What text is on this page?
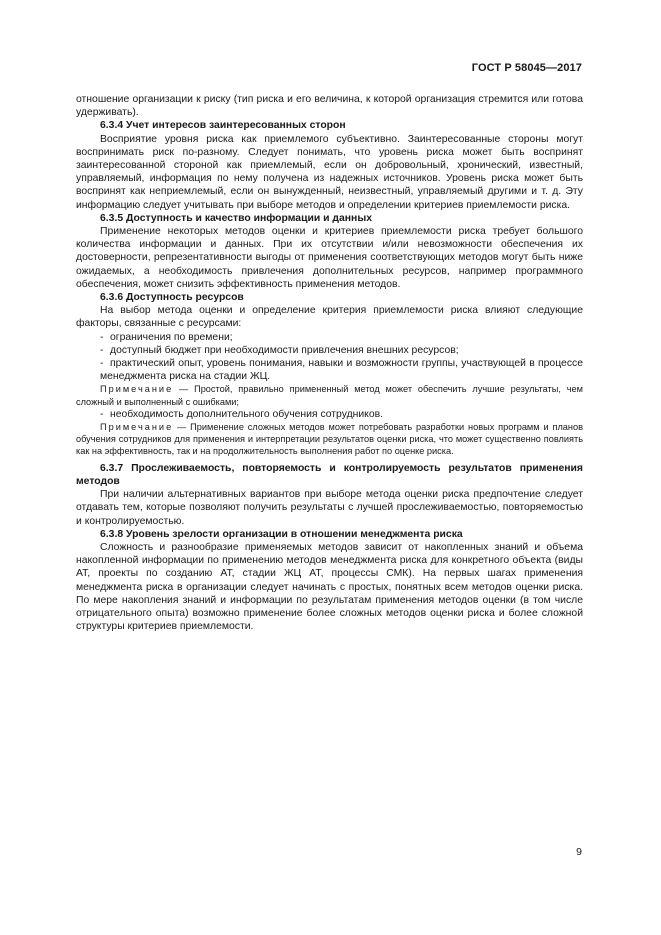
ГОСТ Р 58045—2017

отношение организации к риску (тип риска и его величина, к которой организация стремится или готова удерживать).

6.3.4 Учет интересов заинтересованных сторон

Восприятие уровня риска как приемлемого субъективно. Заинтересованные стороны могут воспринимать риск по-разному. Следует понимать, что уровень риска может быть воспринят заинтересованной стороной как приемлемый, если он добровольный, хронический, известный, управляемый, информация по нему получена из надежных источников. Уровень риска может быть воспринят как неприемлемый, если он вынужденный, неизвестный, управляемый другими и т. д. Эту информацию следует учитывать при выборе методов и определении критериев приемлемости риска.

6.3.5 Доступность и качество информации и данных

Применение некоторых методов оценки и критериев приемлемости риска требует большого количества информации и данных. При их отсутствии и/или невозможности обеспечения их достоверности, репрезентативности выгоды от применения соответствующих методов могут быть ниже ожидаемых, а необходимость привлечения дополнительных ресурсов, например программного обеспечения, может снизить эффективность применения методов.

6.3.6 Доступность ресурсов

На выбор метода оценки и определение критерия приемлемости риска влияют следующие факторы, связанные с ресурсами:

- ограничения по времени;

- доступный бюджет при необходимости привлечения внешних ресурсов;

- практический опыт, уровень понимания, навыки и возможности группы, участвующей в процессе менеджмента риска на стадии ЖЦ.

Примечание — Простой, правильно примененный метод может обеспечить лучшие результаты, чем сложный и выполненный с ошибками;

- необходимость дополнительного обучения сотрудников.

Примечание — Применение сложных методов может потребовать разработки новых программ и планов обучения сотрудников для применения и интерпретации результатов оценки риска, что может существенно повлиять как на эффективность, так и на продолжительность выполнения работ по оценке риска.

6.3.7 Прослеживаемость, повторяемость и контролируемость результатов применения методов

При наличии альтернативных вариантов при выборе метода оценки риска предпочтение следует отдавать тем, которые позволяют получить результаты с лучшей прослеживаемостью, повторяемостью и контролируемостью.

6.3.8 Уровень зрелости организации в отношении менеджмента риска

Сложность и разнообразие применяемых методов зависит от накопленных знаний и объема накопленной информации по применению методов менеджмента риска для конкретного объекта (виды АТ, проекты по созданию АТ, стадии ЖЦ АТ, процессы СМК). На первых шагах применения менеджмента риска в организации следует начинать с простых, понятных всем методов оценки риска. По мере накопления знаний и информации по результатам применения методов оценки (в том числе отрицательного опыта) возможно применение более сложных методов оценки риска и более сложной структуры критериев приемлемости.

9
